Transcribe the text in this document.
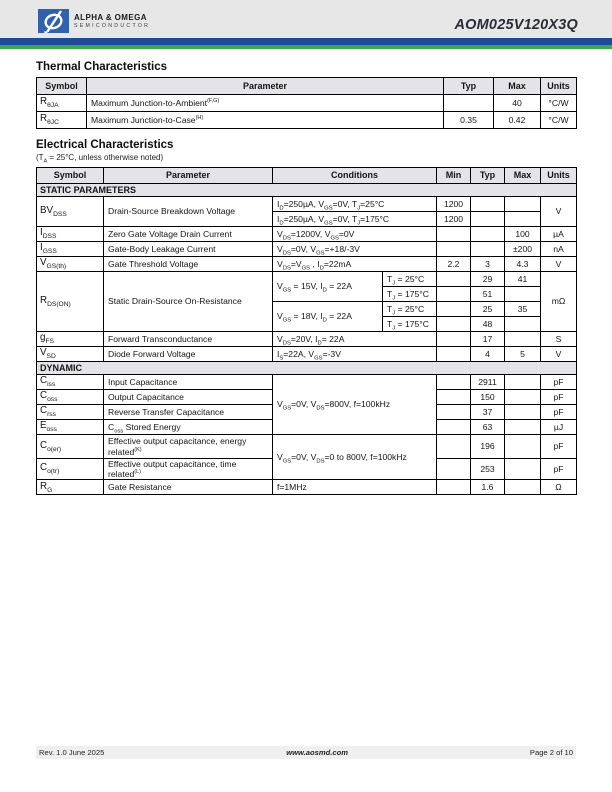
ALPHA & OMEGA
SEMICONDUCTOR	AOM025V120X3Q
Thermal Characteristics
Symbol	Parameter	Typ	Max	Units
$R_{\theta JA}$	Maximum Junction-to-Ambient$^{(F,G)}$		40	°C/W
$R_{\theta JC}$	Maximum Junction-to-Case$^{(H)}$	0.35	0.42	°C/W
Electrical Characteristics
($T_A = 25^\circ C$, unless otherwise noted)
Symbol	Parameter	Conditions		Min	Typ	Max	Units
STATIC PARAMETERS							
$BV_{DSS}$	Drain-Source Breakdown Voltage	$I_D=250\mu A$, $V_{GS}=0V$, $T_J=25^\circ C$		1200			V
		$I_D=250\mu A$, $V_{GS}=0V$, $T_J=175^\circ C$		1200			
$I_{DSS}$	Zero Gate Voltage Drain Current	$V_{DS}=1200V$, $V_{GS}=0V$				100	µA
$I_{GSS}$	Gate-Body Leakage Current	$V_{DS}=0V$, $V_{GS}=+18/-3V$				±200	nA
$V_{GS(th)}$	Gate Threshold Voltage	$V_{DS}=V_{GS}$ , $I_D=22mA$		2.2	3	4.3	V
$R_{DS(ON)}$	Static Drain-Source On-Resistance	$V_{GS} = 15V$, $I_D = 22A$	$T_J = 25^\circ C$		29	41	mΩ
			$T_J = 175^\circ C$		51		
		$V_{GS} = 18V$, $I_D = 22A$	$T_J = 25^\circ C$		25	35	
			$T_J = 175^\circ C$		48		
$g_{FS}$	Forward Transconductance	$V_{DS}=20V$, $I_D= 22A$			17		S
$V_{SD}$	Diode Forward Voltage	$I_S=22A$, $V_{GS}=-3V$			4	5	V
DYNAMIC							
$C_{iss}$	Input Capacitance	$V_{GS}=0V$, $V_{DS}=800V$, f=100kHz			2911		pF
$C_{oss}$	Output Capacitance				150		pF
$C_{rss}$	Reverse Transfer Capacitance				37		pF
$E_{oss}$	$C_{oss}$ Stored Energy				63		µJ
$C_{o(er)}$	Effective output capacitance, energy related$^{(K)}$	$V_{GS}=0V$, $V_{DS}=0$ to 800V, f=100kHz			196		pF
$C_{o(tr)}$	Effective output capacitance, time related$^{(L)}$				253		pF
$R_G$	Gate Resistance	f=1MHz			1.6		Ω
Rev. 1.0 June 2025	www.aosmd.com	Page 2 of 10
